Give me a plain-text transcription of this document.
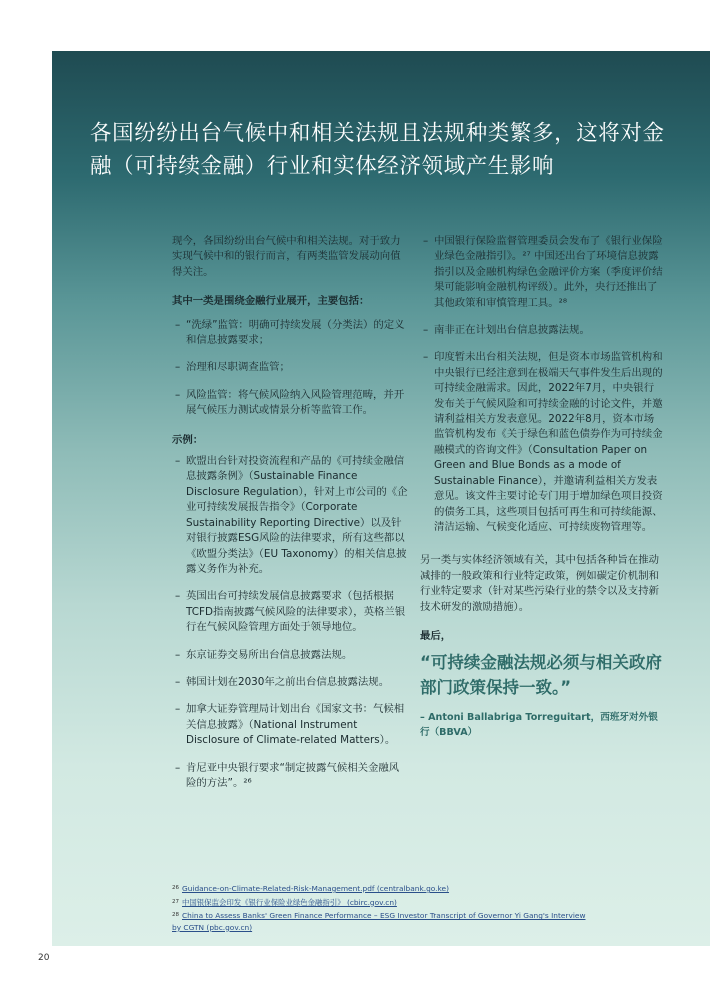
各国纷纷出台气候中和相关法规且法规种类繁多，这将对金融（可持续金融）行业和实体经济领域产生影响

现今，各国纷纷出台气候中和相关法规。对于致力实现气候中和的银行而言，有两类监管发展动向值得关注。

其中一类是围绕金融行业展开，主要包括：

– “洗绿”监管：明确可持续发展（分类法）的定义和信息披露要求；
– 治理和尽职调查监管；
– 风险监管：将气候风险纳入风险管理范畴，并开展气候压力测试或情景分析等监管工作。

示例：

– 欧盟出台针对投资流程和产品的《可持续金融信息披露条例》（Sustainable Finance Disclosure Regulation），针对上市公司的《企业可持续发展报告指令》（Corporate Sustainability Reporting Directive）以及针对银行披露ESG风险的法律要求，所有这些都以《欧盟分类法》（EU Taxonomy）的相关信息披露义务作为补充。
– 英国出台可持续发展信息披露要求（包括根据TCFD指南披露气候风险的法律要求），英格兰银行在气候风险管理方面处于领导地位。
– 东京证券交易所出台信息披露法规。
– 韩国计划在2030年之前出台信息披露法规。
– 加拿大证券管理局计划出台《国家文书：气候相关信息披露》（National Instrument Disclosure of Climate-related Matters）。
– 肯尼亚中央银行要求“制定披露气候相关金融风险的方法”。²⁶
– 中国银行保险监督管理委员会发布了《银行业保险业绿色金融指引》。²⁷ 中国还出台了环境信息披露指引以及金融机构绿色金融评价方案（季度评价结果可能影响金融机构评级）。此外，央行还推出了其他政策和审慎管理工具。²⁸
– 南非正在计划出台信息披露法规。
– 印度暂未出台相关法规，但是资本市场监管机构和中央银行已经注意到在极端天气事件发生后出现的可持续金融需求。因此，2022年7月，中央银行发布关于气候风险和可持续金融的讨论文件，并邀请利益相关方发表意见。2022年8月，资本市场监管机构发布《关于绿色和蓝色债券作为可持续金融模式的咨询文件》（Consultation Paper on Green and Blue Bonds as a mode of Sustainable Finance），并邀请利益相关方发表意见。该文件主要讨论专门用于增加绿色项目投资的债务工具，这些项目包括可再生和可持续能源、清洁运输、气候变化适应、可持续废物管理等。

另一类与实体经济领域有关，其中包括各种旨在推动减排的一般政策和行业特定政策，例如碳定价机制和行业特定要求（针对某些污染行业的禁令以及支持新技术研发的激励措施）。

最后，

“可持续金融法规必须与相关政府部门政策保持一致。”

– Antoni Ballabriga Torreguitart，西班牙对外银行（BBVA）

$^{26}$ Guidance-on-Climate-Related-Risk-Management.pdf (centralbank.go.ke)
$^{27}$ 中国银保监会印发《银行业保险业绿色金融指引》 (cbirc.gov.cn)
$^{28}$ China to Assess Banks' Green Finance Performance – ESG Investor Transcript of Governor Yi Gang's Interview by CGTN (pbc.gov.cn)
20
